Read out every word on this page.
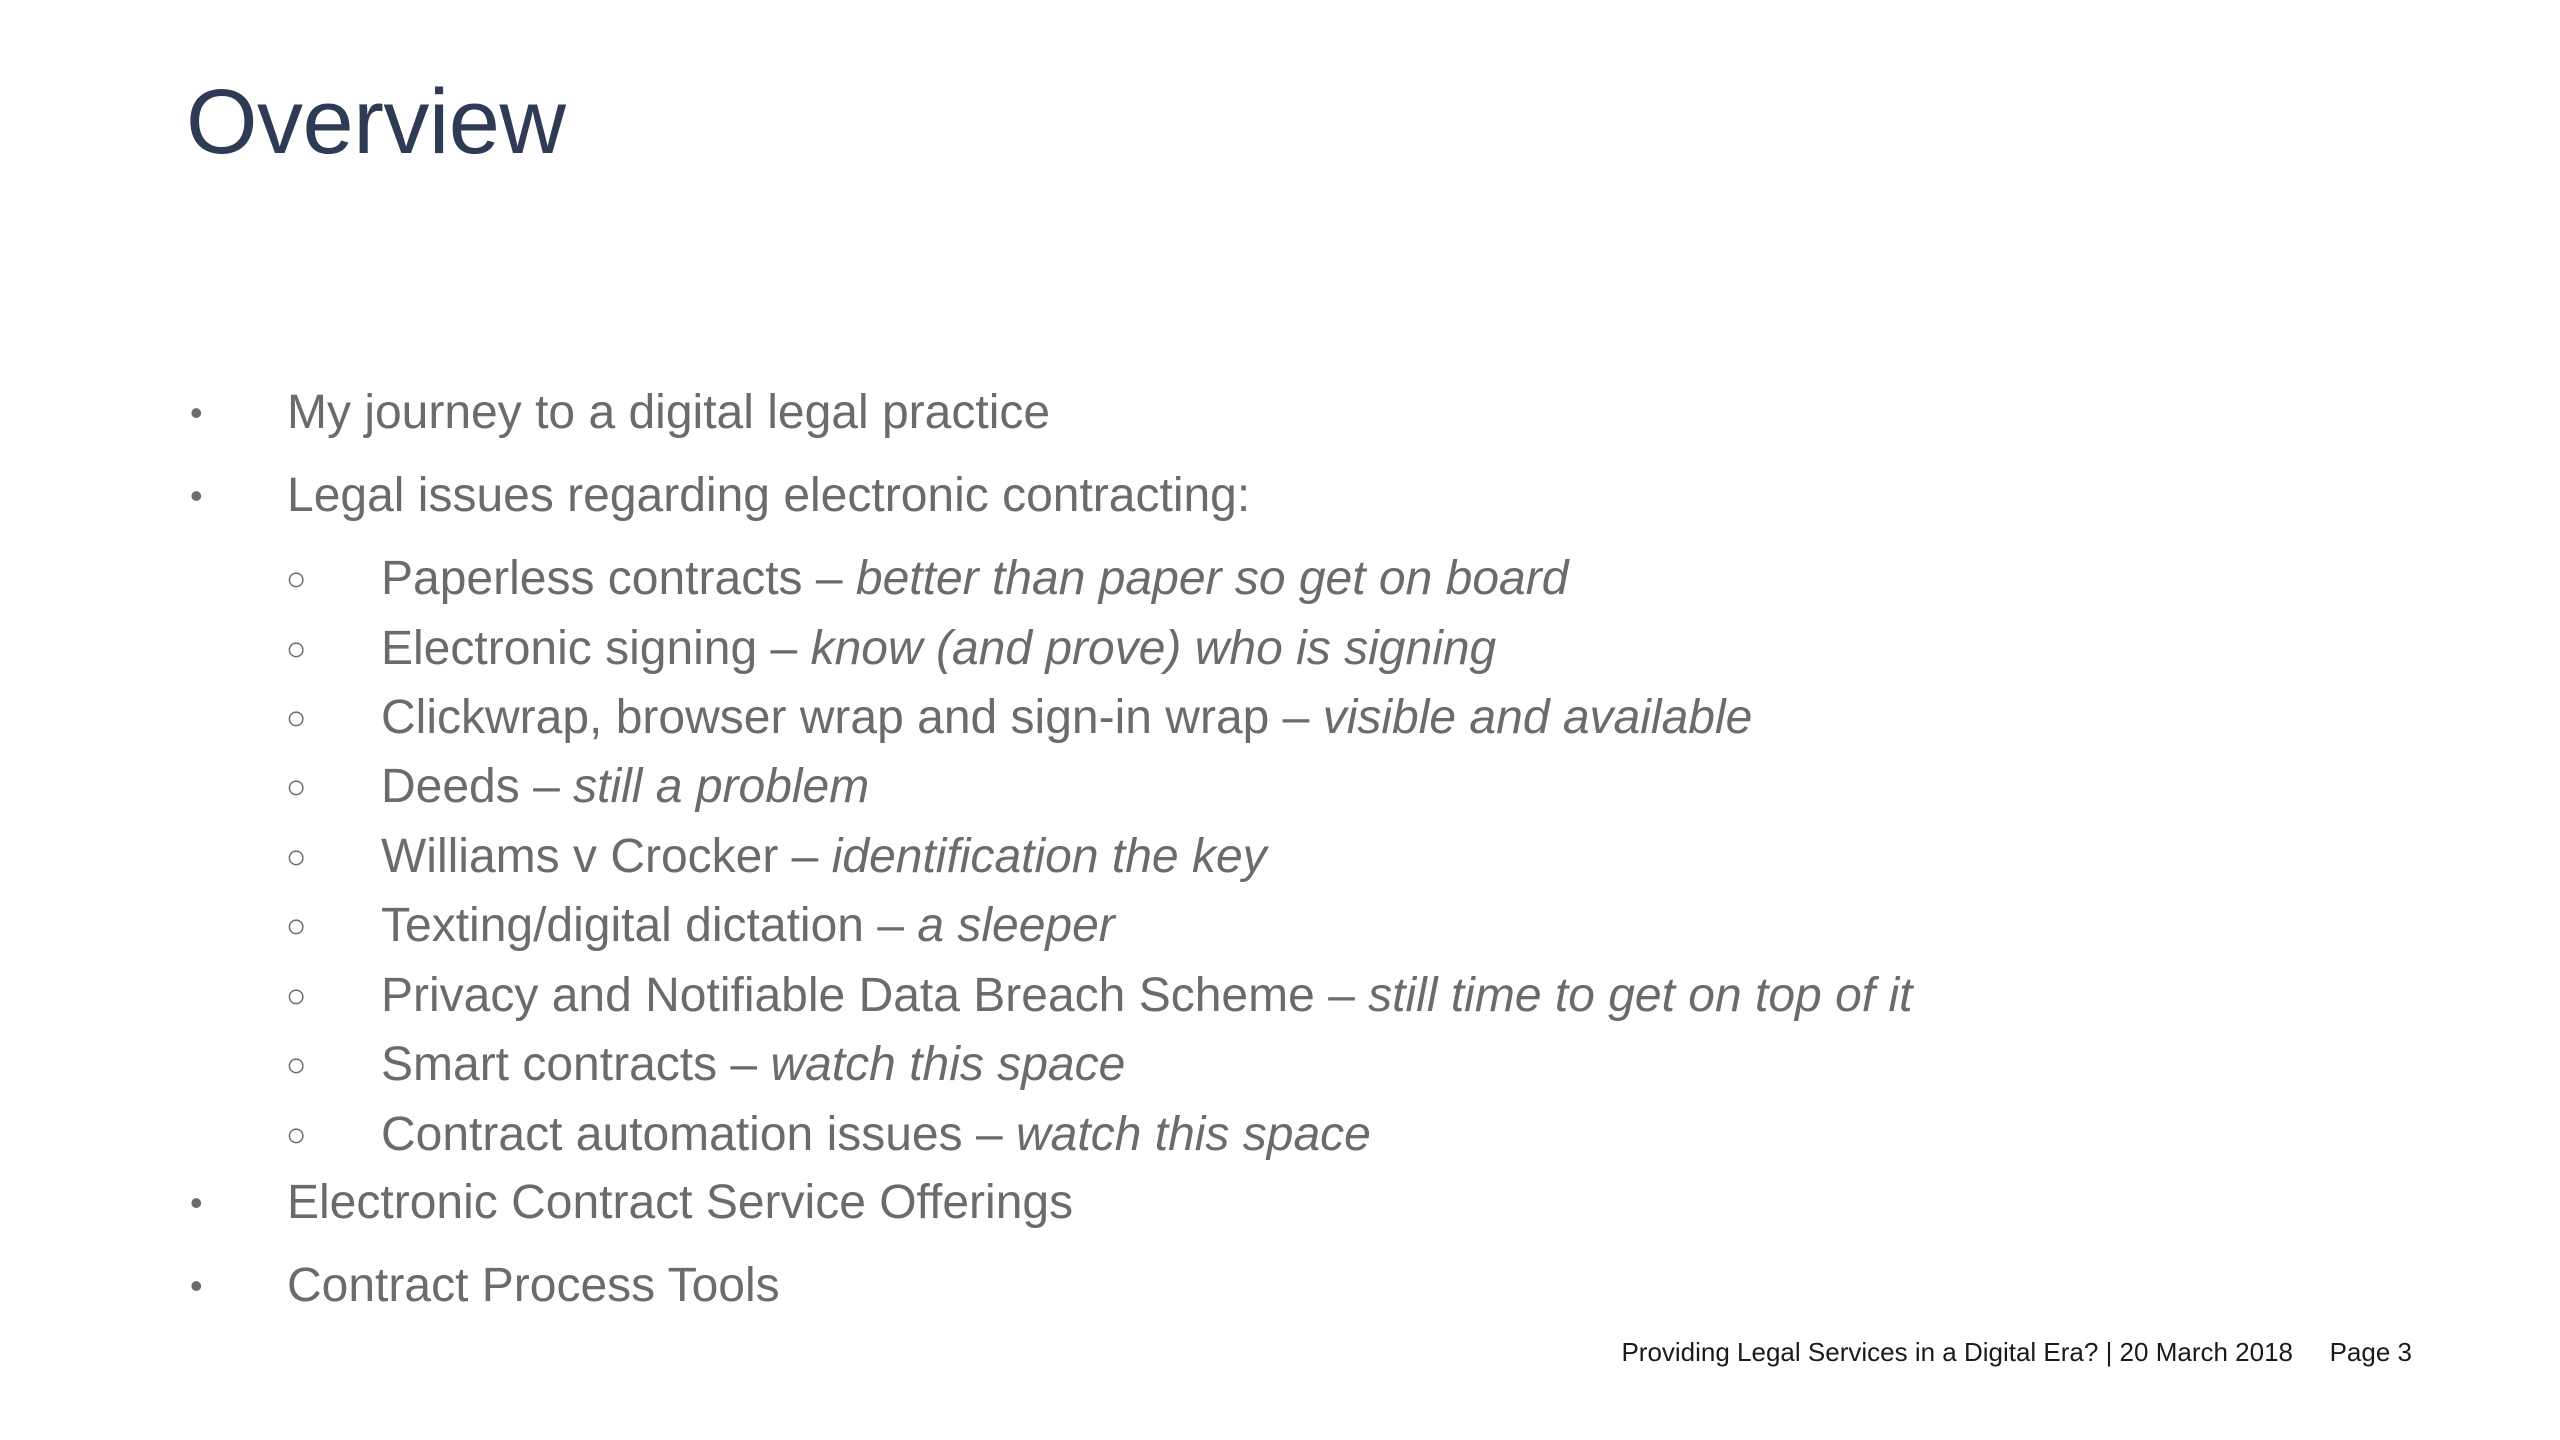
Overview
• My journey to a digital legal practice
• Legal issues regarding electronic contracting:
○ Paperless contracts – better than paper so get on board
○ Electronic signing – know (and prove) who is signing
○ Clickwrap, browser wrap and sign-in wrap – visible and available
○ Deeds – still a problem
○ Williams v Crocker – identification the key
○ Texting/digital dictation – a sleeper
○ Privacy and Notifiable Data Breach Scheme – still time to get on top of it
○ Smart contracts – watch this space
○ Contract automation issues – watch this space
• Electronic Contract Service Offerings
• Contract Process Tools
Providing Legal Services in a Digital Era? | 20 March 2018 Page 3
